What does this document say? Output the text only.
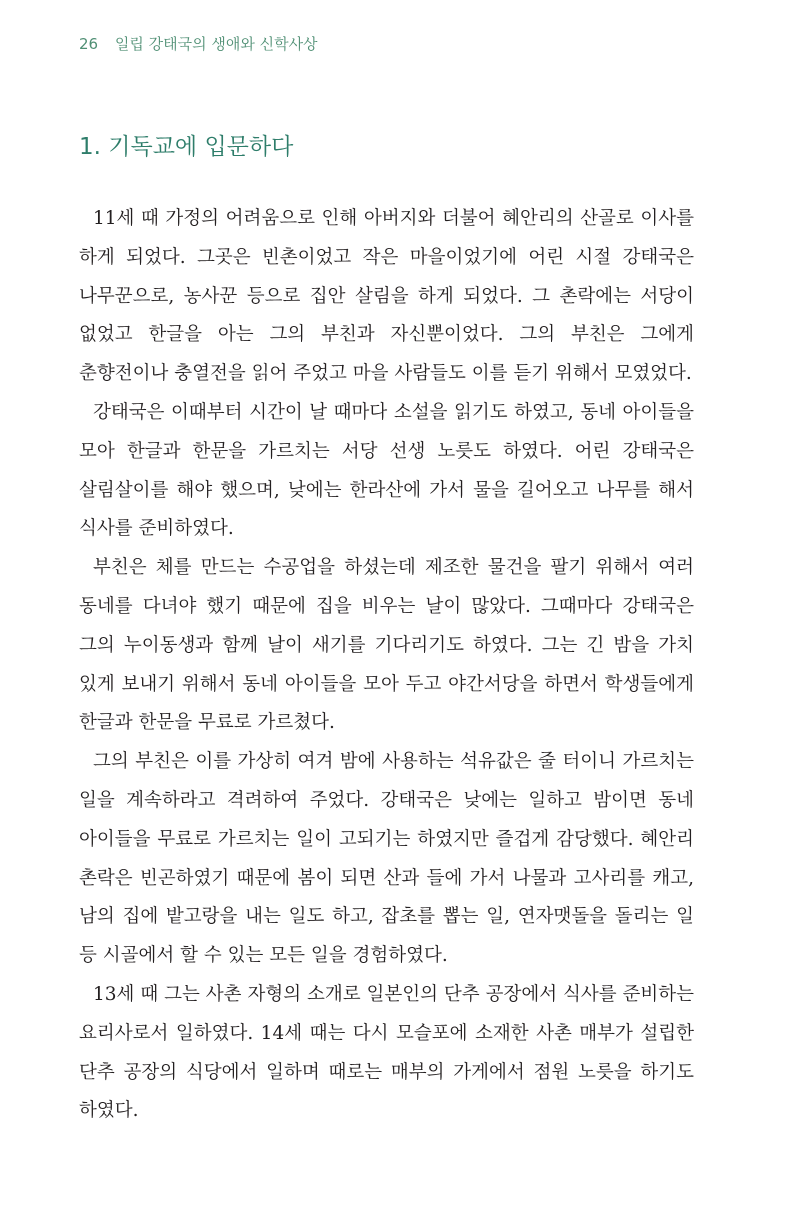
26 일립 강태국의 생애와 신학사상
1. 기독교에 입문하다

11세 때 가정의 어려움으로 인해 아버지와 더불어 혜안리의 산골로 이사를 하게 되었다. 그곳은 빈촌이었고 작은 마을이었기에 어린 시절 강태국은 나무꾼으로, 농사꾼 등으로 집안 살림을 하게 되었다. 그 촌락에는 서당이 없었고 한글을 아는 그의 부친과 자신뿐이었다. 그의 부친은 그에게 춘향전이나 충열전을 읽어 주었고 마을 사람들도 이를 듣기 위해서 모였었다.

강태국은 이때부터 시간이 날 때마다 소설을 읽기도 하였고, 동네 아이들을 모아 한글과 한문을 가르치는 서당 선생 노릇도 하였다. 어린 강태국은 살림살이를 해야 했으며, 낮에는 한라산에 가서 물을 길어오고 나무를 해서 식사를 준비하였다.

부친은 체를 만드는 수공업을 하셨는데 제조한 물건을 팔기 위해서 여러 동네를 다녀야 했기 때문에 집을 비우는 날이 많았다. 그때마다 강태국은 그의 누이동생과 함께 날이 새기를 기다리기도 하였다. 그는 긴 밤을 가치 있게 보내기 위해서 동네 아이들을 모아 두고 야간서당을 하면서 학생들에게 한글과 한문을 무료로 가르쳤다.

그의 부친은 이를 가상히 여겨 밤에 사용하는 석유값은 줄 터이니 가르치는 일을 계속하라고 격려하여 주었다. 강태국은 낮에는 일하고 밤이면 동네 아이들을 무료로 가르치는 일이 고되기는 하였지만 즐겁게 감당했다. 혜안리 촌락은 빈곤하였기 때문에 봄이 되면 산과 들에 가서 나물과 고사리를 캐고, 남의 집에 밭고랑을 내는 일도 하고, 잡초를 뽑는 일, 연자맷돌을 돌리는 일 등 시골에서 할 수 있는 모든 일을 경험하였다.

13세 때 그는 사촌 자형의 소개로 일본인의 단추 공장에서 식사를 준비하는 요리사로서 일하였다. 14세 때는 다시 모슬포에 소재한 사촌 매부가 설립한 단추 공장의 식당에서 일하며 때로는 매부의 가게에서 점원 노릇을 하기도 하였다.
